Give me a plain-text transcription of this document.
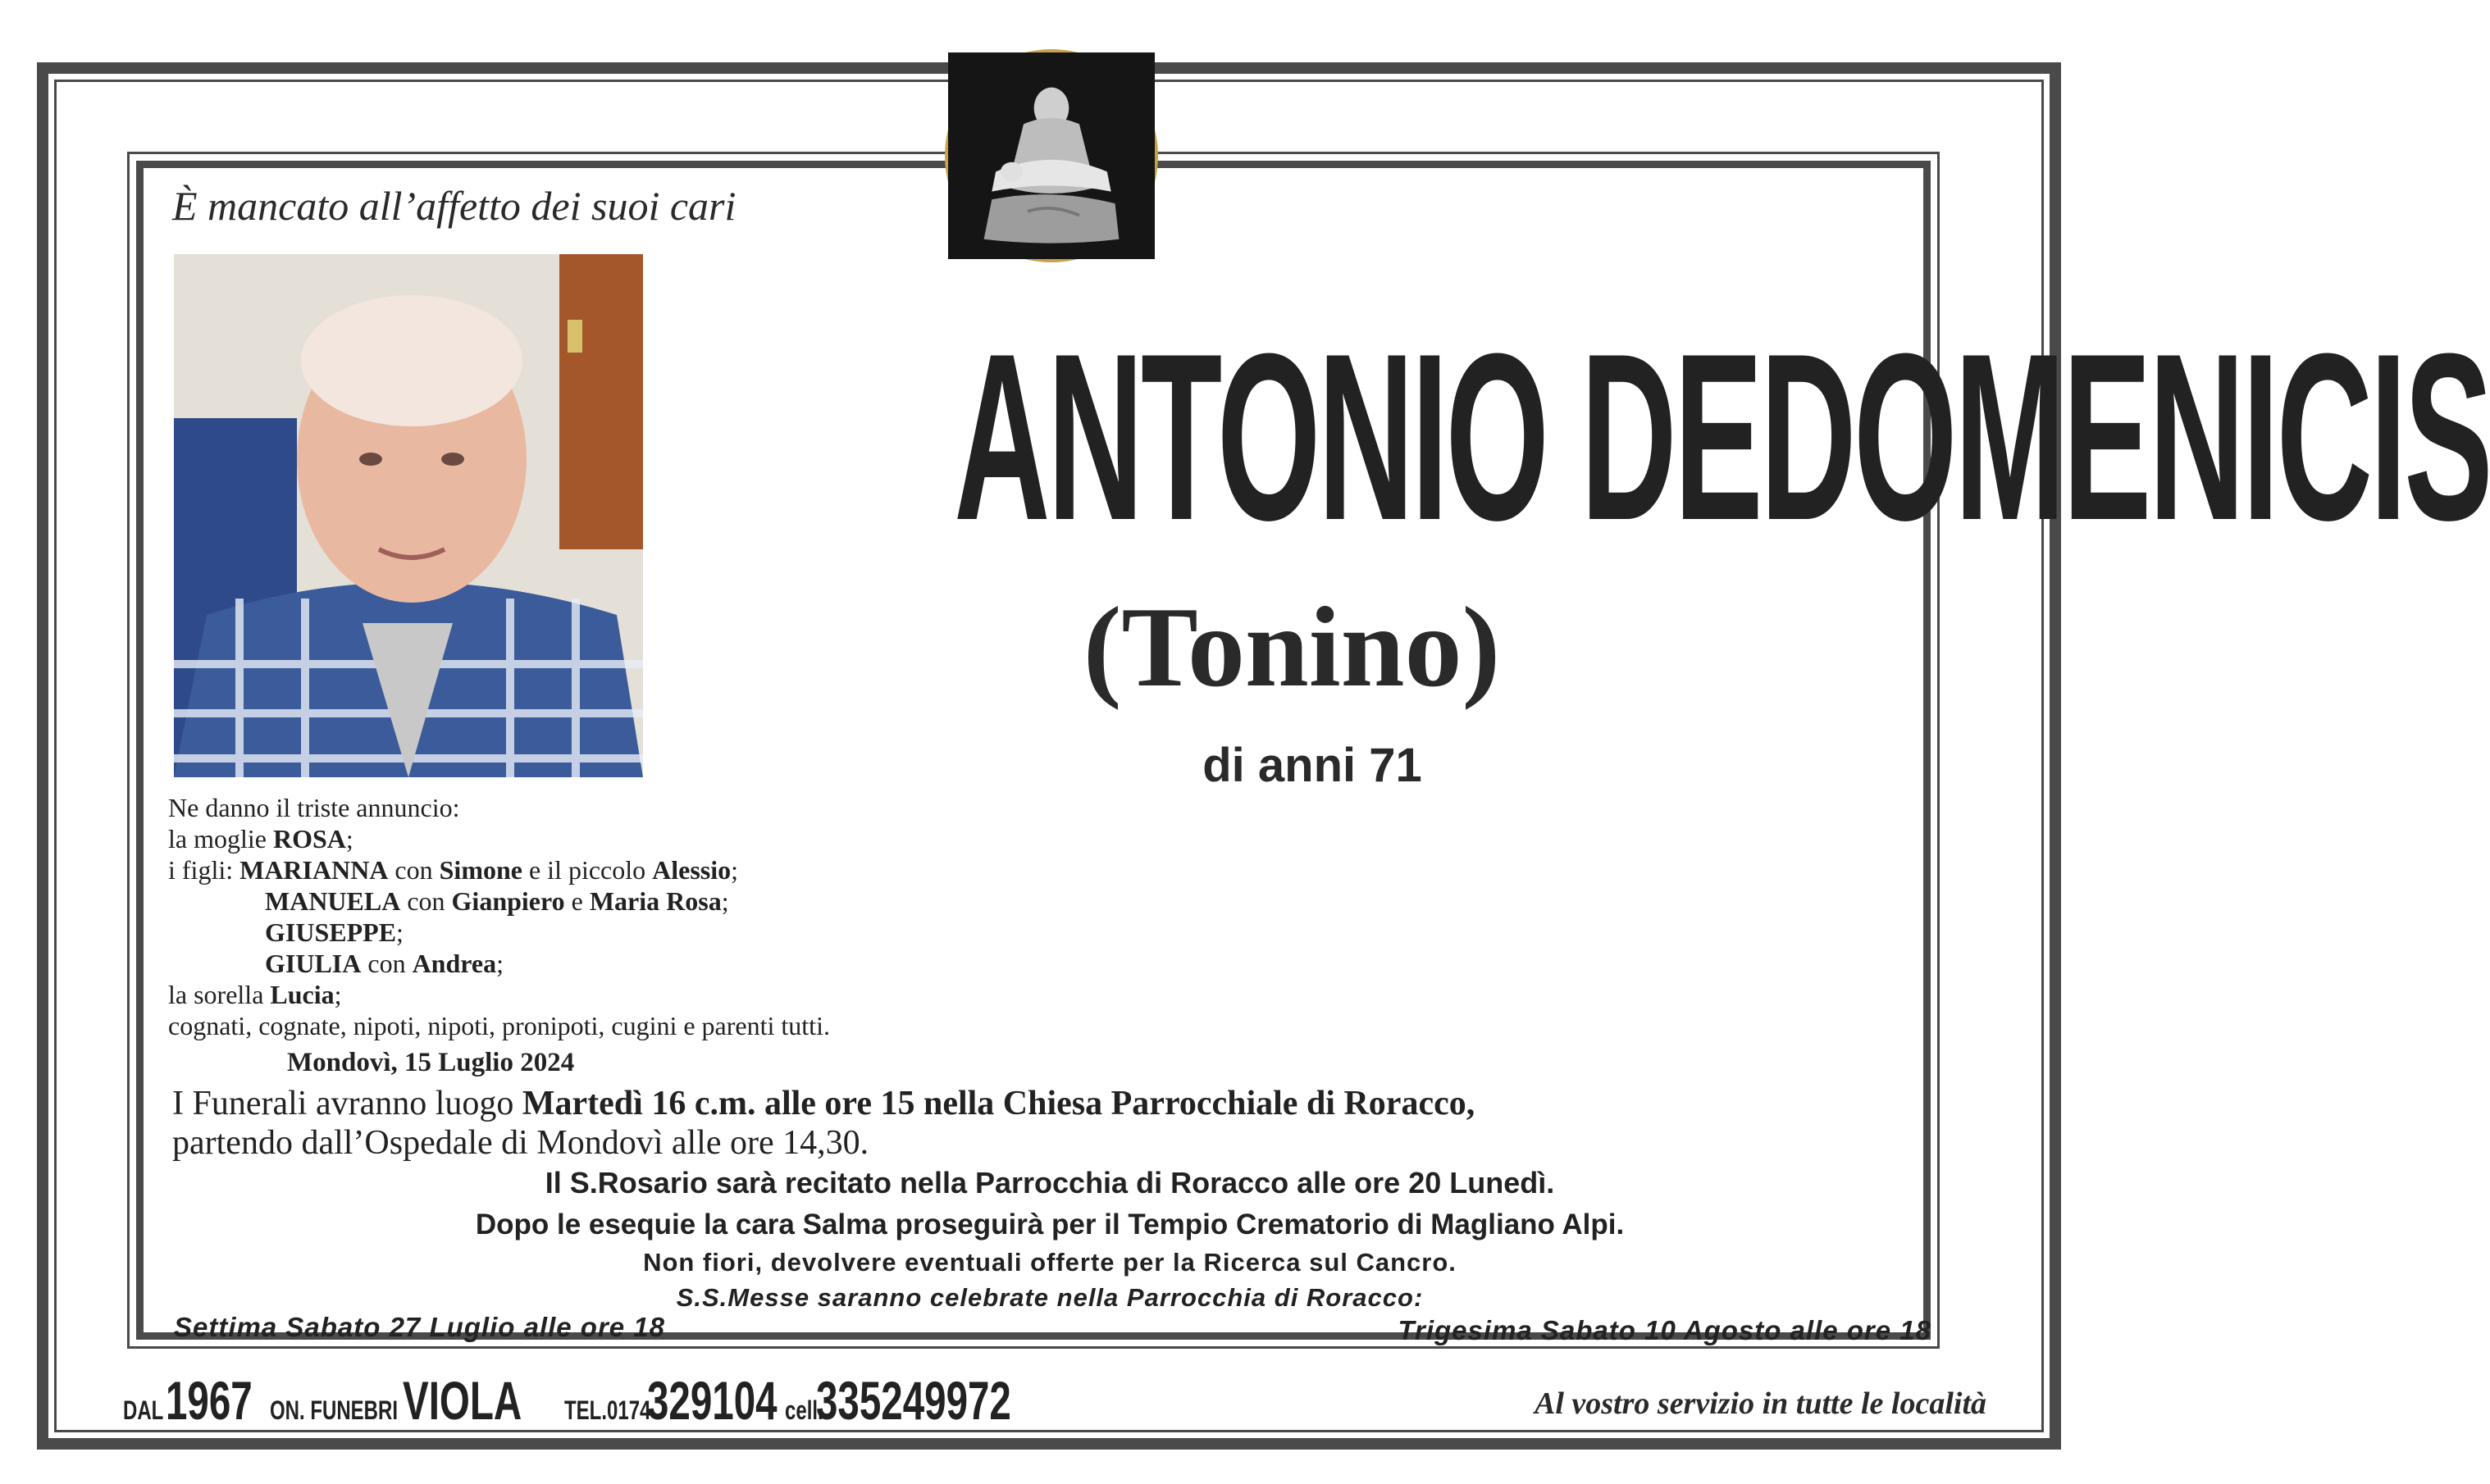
È mancato all’affetto dei suoi cari
ANTONIO DEDOMENICIS
(Tonino)
di anni 71
Ne danno il triste annuncio:
la moglie ROSA;
i figli: MARIANNA con Simone e il piccolo Alessio;
MANUELA con Gianpiero e Maria Rosa;
GIUSEPPE;
GIULIA con Andrea;
la sorella Lucia;
cognati, cognate, nipoti, nipoti, pronipoti, cugini e parenti tutti.
Mondovì, 15 Luglio 2024
I Funerali avranno luogo Martedì 16 c.m. alle ore 15 nella Chiesa Parrocchiale di Roracco,
partendo dall’Ospedale di Mondovì alle ore 14,30.
Il S.Rosario sarà recitato nella Parrocchia di Roracco alle ore 20 Lunedì.
Dopo le esequie la cara Salma proseguirà per il Tempio Crematorio di Magliano Alpi.
Non fiori, devolvere eventuali offerte per la Ricerca sul Cancro.
S.S.Messe saranno celebrate nella Parrocchia di Roracco:
Settima Sabato 27 Luglio alle ore 18	Trigesima Sabato 10 Agosto alle ore 18
DAL 1967 ON. FUNEBRI VIOLA TEL.0174
329104 cell.
335249972	Al vostro servizio in tutte le località
